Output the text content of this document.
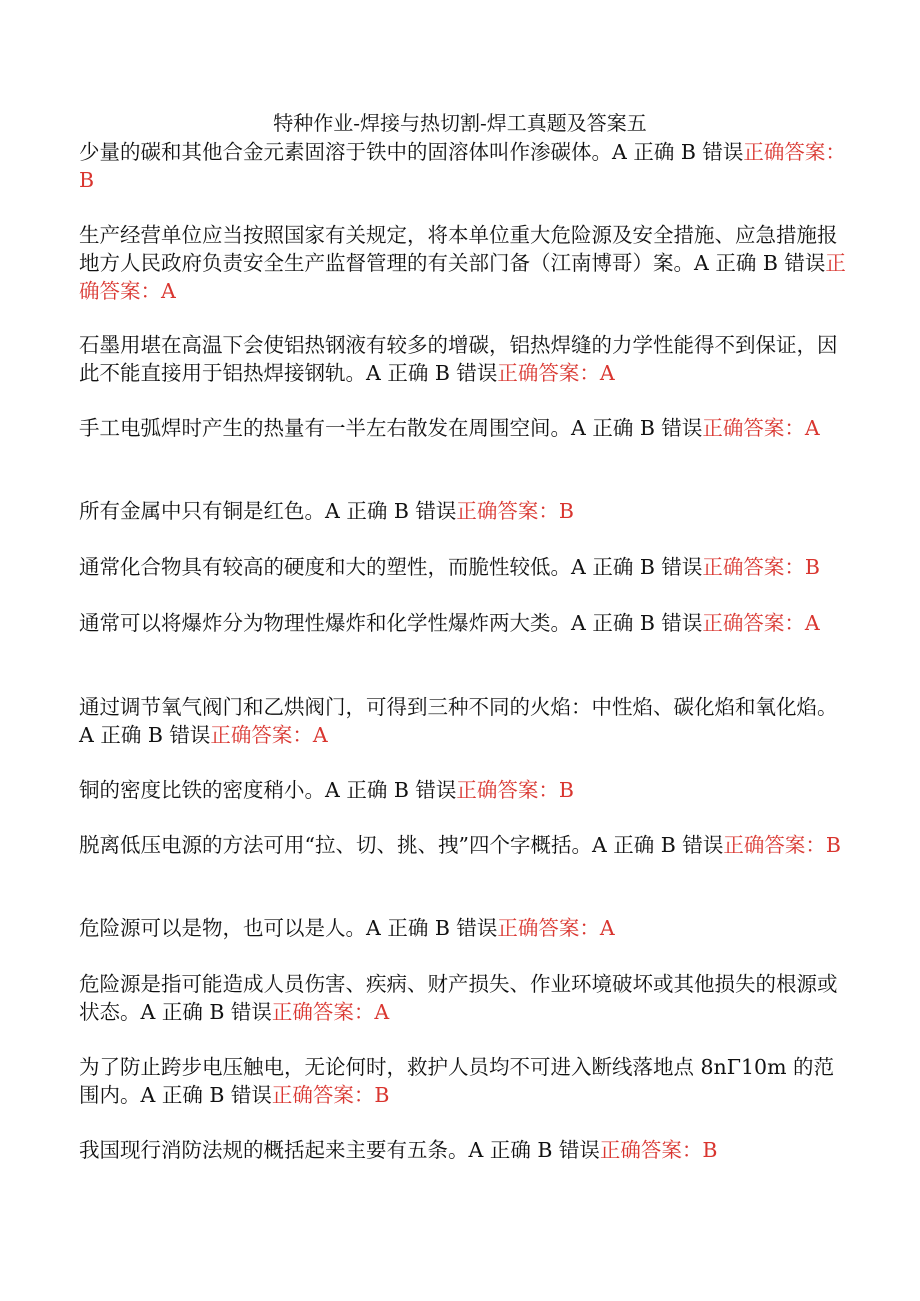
特种作业-焊接与热切割-焊工真题及答案五

少量的碳和其他合金元素固溶于铁中的固溶体叫作渗碳体。A 正确 B 错误正确答案：B

生产经营单位应当按照国家有关规定，将本单位重大危险源及安全措施、应急措施报地方人民政府负责安全生产监督管理的有关部门备（江南博哥）案。A 正确 B 错误正确答案：A

石墨用堪在高温下会使铝热钢液有较多的增碳，铝热焊缝的力学性能得不到保证，因此不能直接用于铝热焊接钢轨。A 正确 B 错误正确答案：A

手工电弧焊时产生的热量有一半左右散发在周围空间。A 正确 B 错误正确答案：A

所有金属中只有铜是红色。A 正确 B 错误正确答案：B

通常化合物具有较高的硬度和大的塑性，而脆性较低。A 正确 B 错误正确答案：B

通常可以将爆炸分为物理性爆炸和化学性爆炸两大类。A 正确 B 错误正确答案：A

通过调节氧气阀门和乙烘阀门，可得到三种不同的火焰：中性焰、碳化焰和氧化焰。A 正确 B 错误正确答案：A

铜的密度比铁的密度稍小。A 正确 B 错误正确答案：B

脱离低压电源的方法可用“拉、切、挑、拽”四个字概括。A 正确 B 错误正确答案：B

危险源可以是物，也可以是人。A 正确 B 错误正确答案：A

危险源是指可能造成人员伤害、疾病、财产损失、作业环境破坏或其他损失的根源或状态。A 正确 B 错误正确答案：A

为了防止跨步电压触电，无论何时，救护人员均不可进入断线落地点 8nΓ10m 的范围内。A 正确 B 错误正确答案：B

我国现行消防法规的概括起来主要有五条。A 正确 B 错误正确答案：B
